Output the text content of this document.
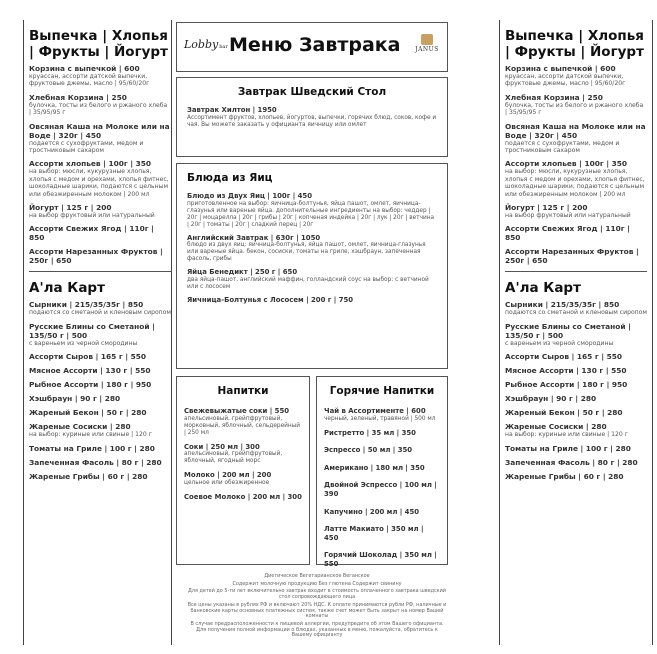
Выпечка | Хлопья | Фрукты | Йогурт
Корзина с выпечкой | 600
круассан, ассорти датской выпечки, фруктовые джемы, масло | 95/60/20г
Хлебная Корзина | 250
булочка, тосты из белого и ржаного хлеба | 35/95/95 г
Овсяная Каша на Молоке или на Воде | 320г | 450
подается с сухофруктами, медом и тростниковым сахаром
Ассорти хлопьев | 100г | 350
на выбор: мюсли, кукурузные хлопья, хлопья с медом и орехами, хлопья фитнес, шоколадные шарики, подаются с цельным или обезжиренным молоком | 200 мл
Йогурт | 125 г | 200
на выбор фруктовый или натуральный
Ассорти Свежих Ягод | 110г | 850
Ассорти Нарезанных Фруктов | 250г | 650
А'ла Карт
Сырники | 215/35/35г | 850
подаются со сметаной и кленовым сиропом
Русские Блины со Сметаной | 135/50 г | 500
с вареньем из черной смородины
Ассорти Сыров | 165 г | 550
Мясное Ассорти | 130 г | 550
Рыбное Ассорти | 180 г | 950
Хэшбраун | 90 г | 280
Жареный Бекон | 50 г | 280
Жареные Сосиски | 280
на выбор: куриные или свиные | 120 г
Томаты на Гриле | 100 г | 280
Запеченная Фасоль | 80 г | 280
Жареные Грибы | 60 г | 280
Lobbybar Меню Завтрака JANUS
Завтрак Шведский Стол
Завтрак Хилтон | 1950
Ассортимент фруктов, хлопьев, йогуртов, выпечки, горячих блюд, соков, кофе и чая. Вы можете заказать у официанта яичницу или омлет
Блюда из Яиц
Блюдо из Двух Яиц | 100г | 450
приготовленное на выбор: яичница-болтунья, яйца пашот, омлет, яичница-глазунья или вареные яйца. дополнительные ингредиенты на выбор: чеддер | 20г | моцарелла | 20г | грибы | 20г | копченая индейка | 20г | лук | 20г | ветчина | 20г | томаты | 20г | сладкий перец | 20г
Английский Завтрак | 630г | 1050
блюдо из двух яиц: яичница-болтунья, яйца пашот, омлет, яичница-глазунья или вареные яйца. бекон, сосиски, томаты на гриле, хэшбраун, запеченная фасоль, грибы
Яйца Бенедикт | 250 г | 650
два яйца-пашот, английский маффин, голландский соус на выбор: с ветчиной или с лососем
Яичница-Болтунья с Лососем | 200 г | 750
Напитки
Свежевыжатые соки | 550
апельсиновый, грейпфрутовый, морковный, яблочный, сельдерейный | 250 мл
Соки | 250 мл | 300
апельсиновый, грейпфрутовый, яблочный, ягодный морс
Молоко | 200 мл | 200
цельное или обезжиренное
Соевое Молоко | 200 мл | 300
Горячие Напитки
Чай в Ассортименте | 600
черный, зеленый, травяной | 500 мл
Ристретто | 35 мл | 350
Эспрессо | 50 мл | 350
Американо | 180 мл | 350
Двойной Эспрессо | 100 мл | 390
Капучино | 200 мл | 450
Латте Макиато | 350 мл | 450
Горячий Шоколад | 350 мл | 550

Диетическое Вегетарианское Веганское

Содержит молочную продукцию Без глютена Содержит свинину

Для детей до 5-ти лет включительно завтрак входит в стоимость оплаченного завтрака шведский стол сопровождающего лица

Все цены указаны в рублях РФ и включают 20% НДС. К оплате принимаются рубли РФ, наличные и банковские карты основных платежных систем, также счет может быть закрыт на номер Вашей комнаты

В случае предрасположенности к пищевой аллергии, предупредите об этом Вашего официанта. Для получения полной информации о блюдах, указанных в меню, пожалуйста, обратитесь к Вашему официанту

Выпечка | Хлопья | Фрукты | Йогурт
Корзина с выпечкой | 600
круассан, ассорти датской выпечки, фруктовые джемы, масло | 95/60/20г
Хлебная Корзина | 250
булочка, тосты из белого и ржаного хлеба | 35/95/95 г
Овсяная Каша на Молоке или на Воде | 320г | 450
подается с сухофруктами, медом и тростниковым сахаром
Ассорти хлопьев | 100г | 350
на выбор: мюсли, кукурузные хлопья, хлопья с медом и орехами, хлопья фитнес, шоколадные шарики, подаются с цельным или обезжиренным молоком | 200 мл
Йогурт | 125 г | 200
на выбор фруктовый или натуральный
Ассорти Свежих Ягод | 110г | 850
Ассорти Нарезанных Фруктов | 250г | 650
А'ла Карт
Сырники | 215/35/35г | 850
подаются со сметаной и кленовым сиропом
Русские Блины со Сметаной | 135/50 г | 500
с вареньем из черной смородины
Ассорти Сыров | 165 г | 550
Мясное Ассорти | 130 г | 550
Рыбное Ассорти | 180 г | 950
Хэшбраун | 90 г | 280
Жареный Бекон | 50 г | 280
Жареные Сосиски | 280
на выбор: куриные или свиные | 120 г
Томаты на Гриле | 100 г | 280
Запеченная Фасоль | 80 г | 280
Жареные Грибы | 60 г | 280
